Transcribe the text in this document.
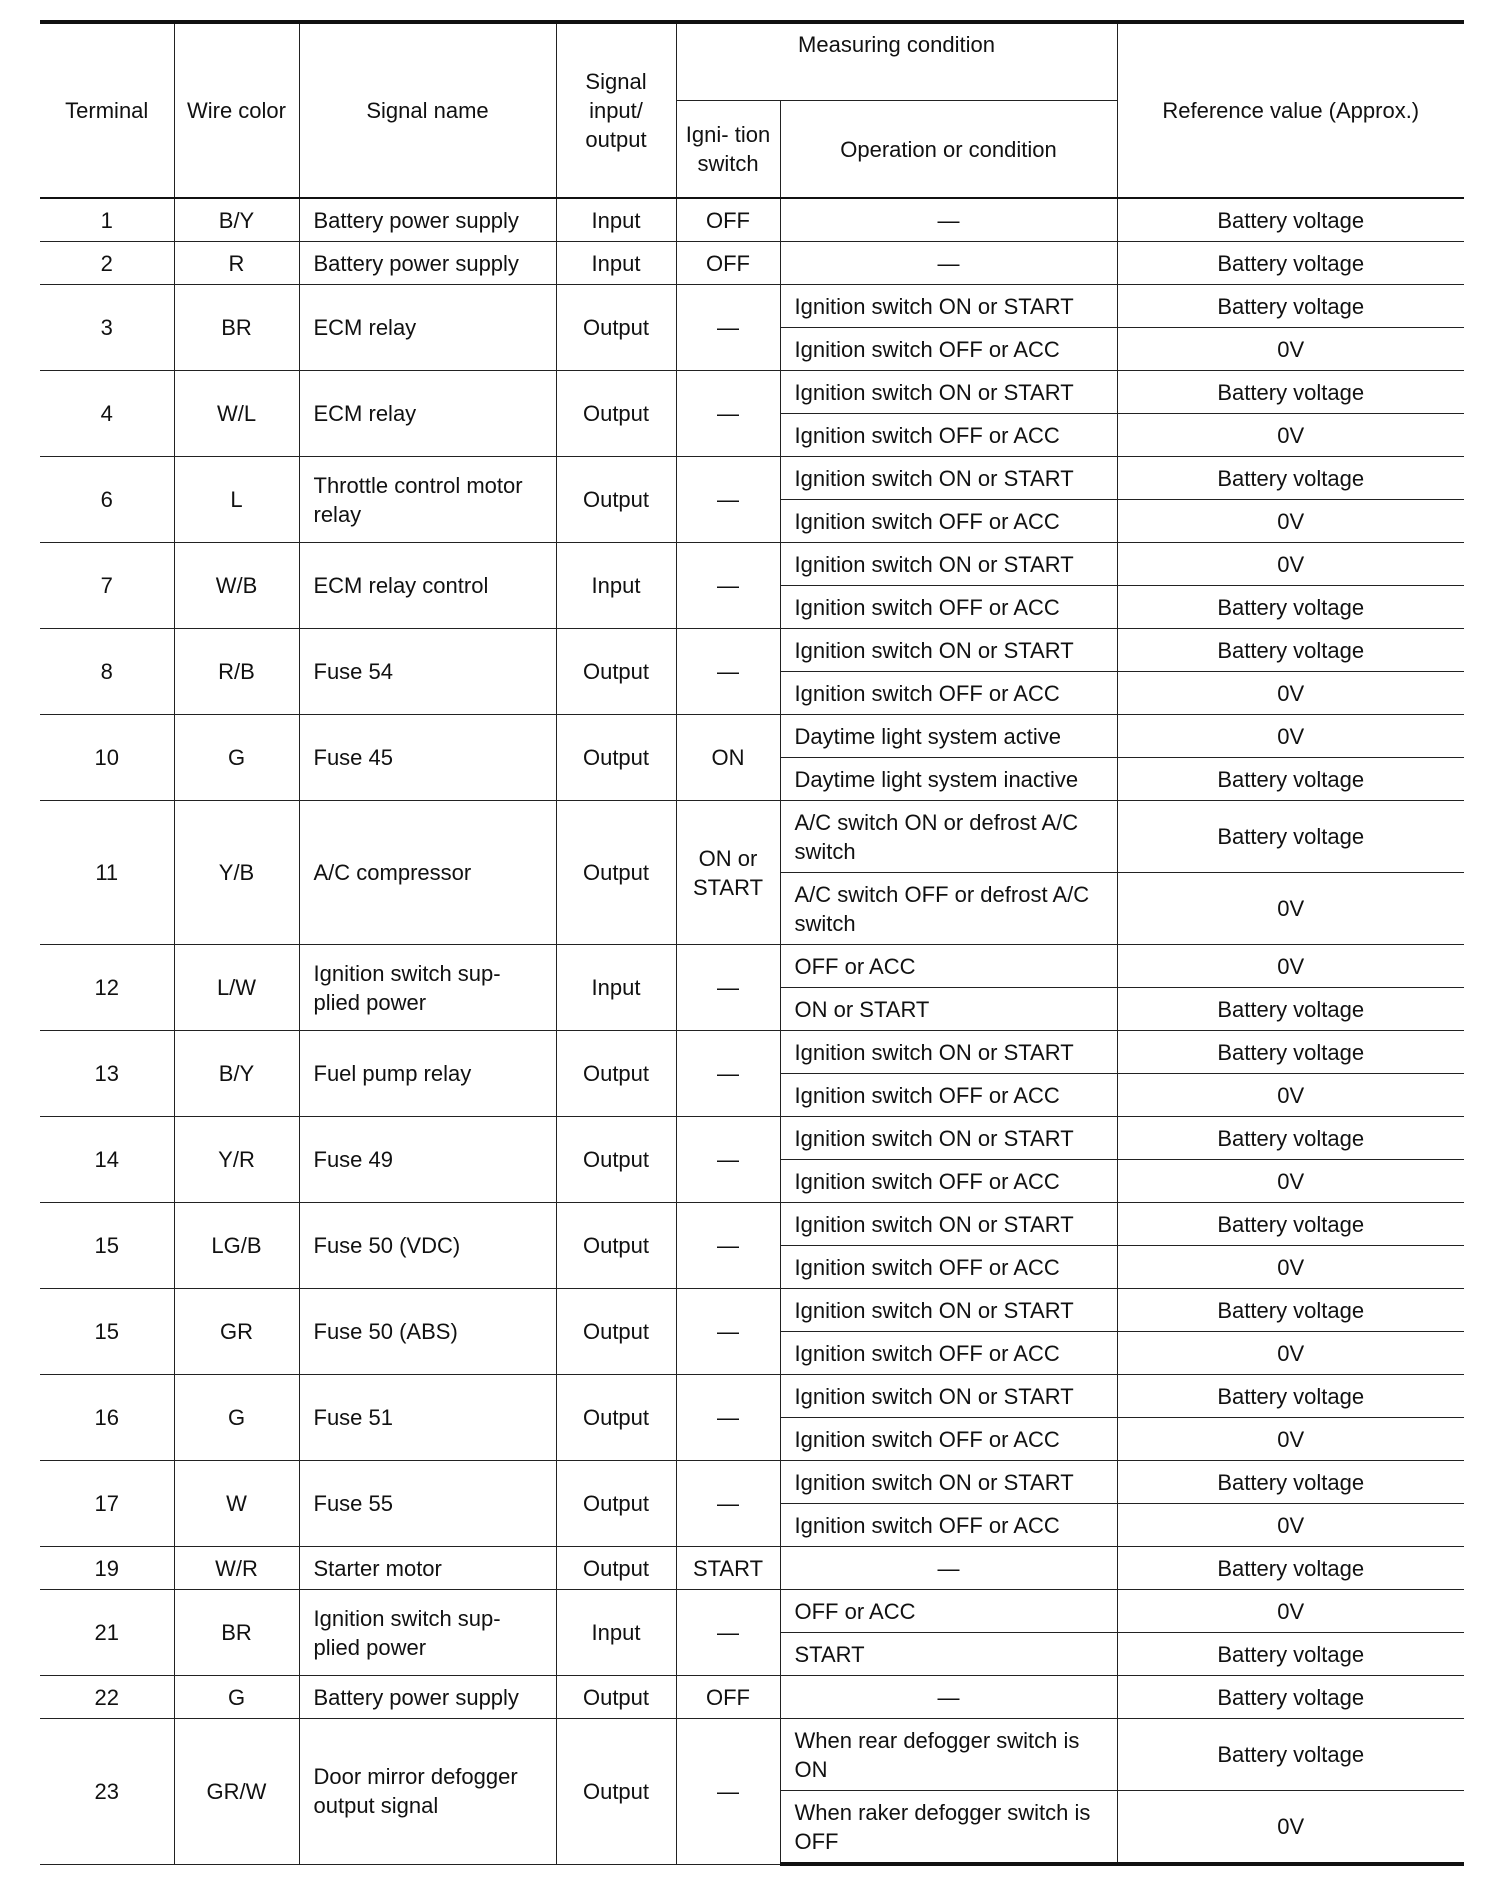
Terminal	Wire color	Signal name	Signal input/ output	Measuring condition		Reference value (Approx.)
				Igni- tion switch	Operation or condition	
1	B/Y	Battery power supply	Input	OFF	—	Battery voltage
2	R	Battery power supply	Input	OFF	—	Battery voltage
3	BR	ECM relay	Output	—	Ignition switch ON or START	Battery voltage
					Ignition switch OFF or ACC	0V
4	W/L	ECM relay	Output	—	Ignition switch ON or START	Battery voltage
					Ignition switch OFF or ACC	0V
6	L	Throttle control motor relay	Output	—	Ignition switch ON or START	Battery voltage
					Ignition switch OFF or ACC	0V
7	W/B	ECM relay control	Input	—	Ignition switch ON or START	0V
					Ignition switch OFF or ACC	Battery voltage
8	R/B	Fuse 54	Output	—	Ignition switch ON or START	Battery voltage
					Ignition switch OFF or ACC	0V
10	G	Fuse 45	Output	ON	Daytime light system active	0V
					Daytime light system inactive	Battery voltage
11	Y/B	A/C compressor	Output	ON or START	A/C switch ON or defrost A/C switch	Battery voltage
					A/C switch OFF or defrost A/C switch	0V
12	L/W	Ignition switch sup- plied power	Input	—	OFF or ACC	0V
					ON or START	Battery voltage
13	B/Y	Fuel pump relay	Output	—	Ignition switch ON or START	Battery voltage
					Ignition switch OFF or ACC	0V
14	Y/R	Fuse 49	Output	—	Ignition switch ON or START	Battery voltage
					Ignition switch OFF or ACC	0V
15	LG/B	Fuse 50 (VDC)	Output	—	Ignition switch ON or START	Battery voltage
					Ignition switch OFF or ACC	0V
15	GR	Fuse 50 (ABS)	Output	—	Ignition switch ON or START	Battery voltage
					Ignition switch OFF or ACC	0V
16	G	Fuse 51	Output	—	Ignition switch ON or START	Battery voltage
					Ignition switch OFF or ACC	0V
17	W	Fuse 55	Output	—	Ignition switch ON or START	Battery voltage
					Ignition switch OFF or ACC	0V
19	W/R	Starter motor	Output	START	—	Battery voltage
21	BR	Ignition switch sup- plied power	Input	—	OFF or ACC	0V
					START	Battery voltage
22	G	Battery power supply	Output	OFF	—	Battery voltage
23	GR/W	Door mirror defogger output signal	Output	—	When rear defogger switch is ON	Battery voltage
					When raker defogger switch is OFF	0V
